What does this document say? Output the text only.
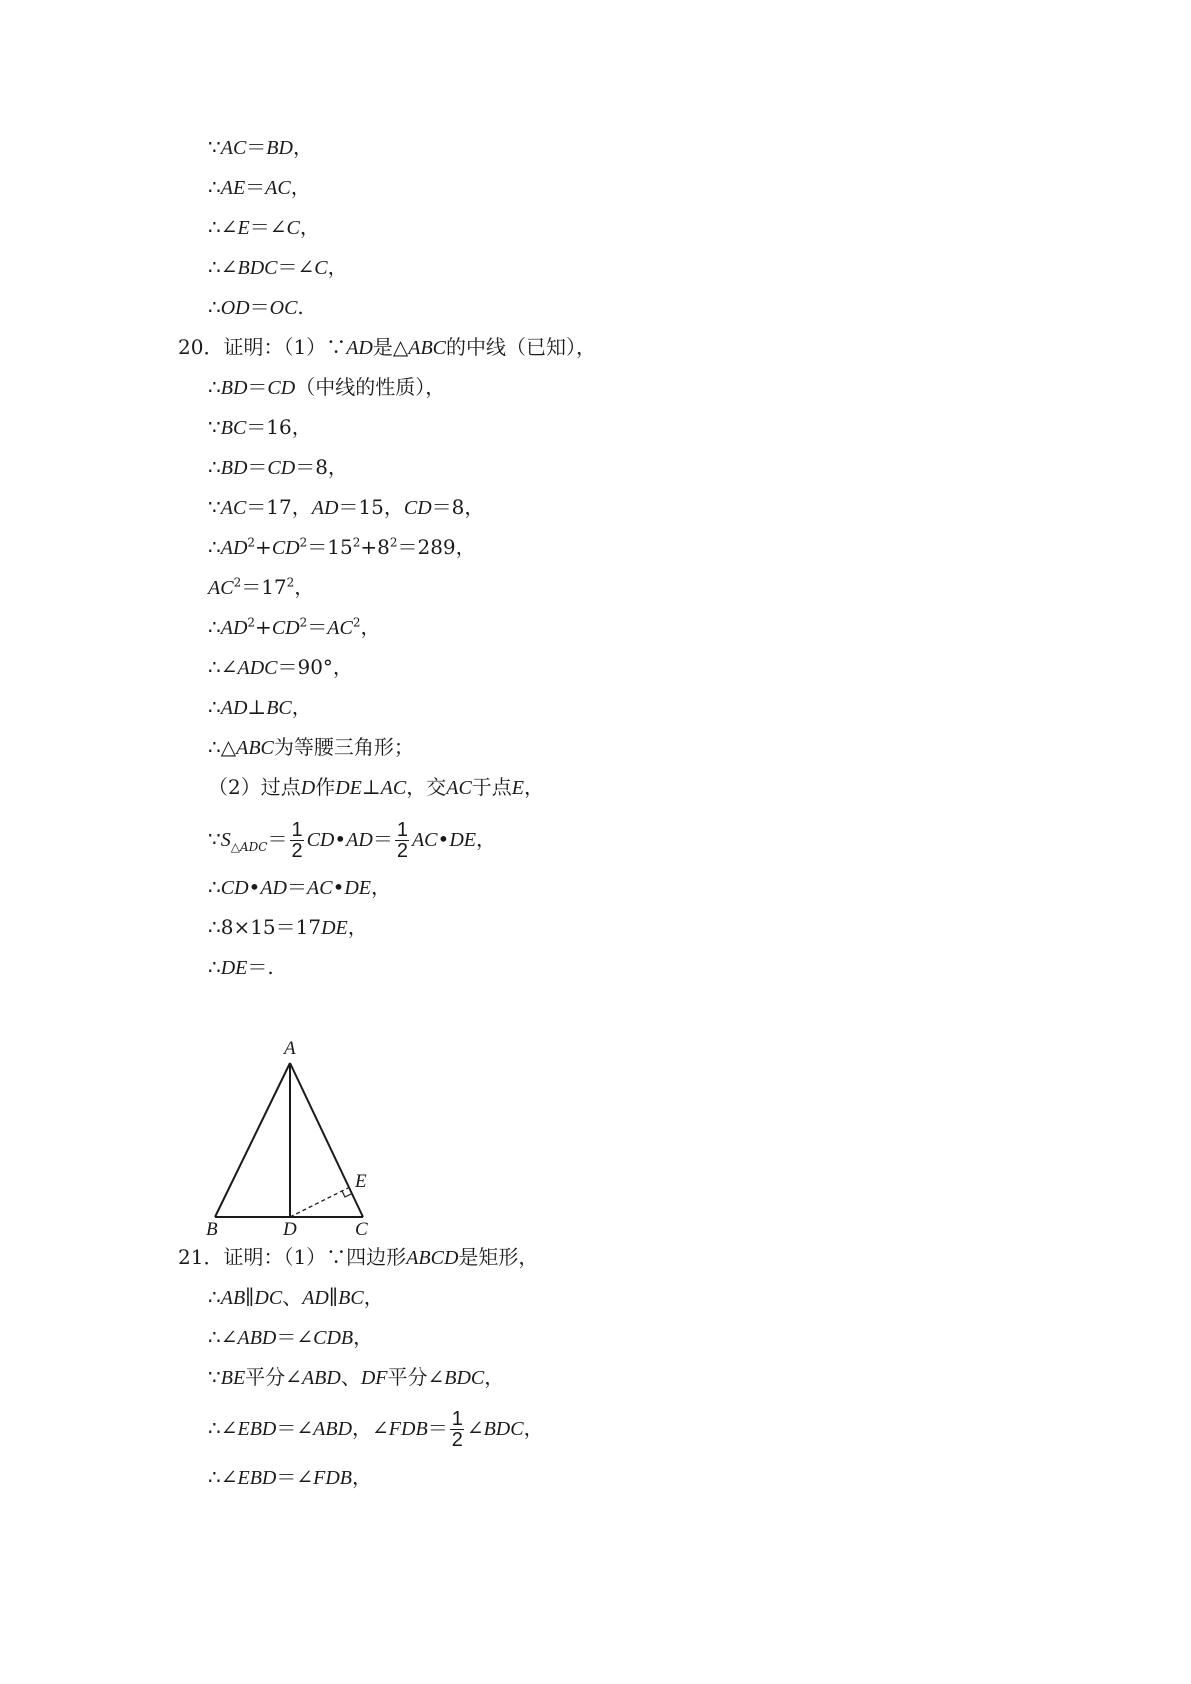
∵AC＝BD，
∴AE＝AC，
∴∠E＝∠C，
∴∠BDC＝∠C，
∴OD＝OC.
20．证明：（1）∵AD是△ABC的中线（已知），
∴BD＝CD（中线的性质），
∵BC＝16，
∴BD＝CD＝8，
∵AC＝17，AD＝15，CD＝8，
$\therefore AD^2+CD^2=15^2+8^2=289$，
$AC^2=17^2$，
$\therefore AD^2+CD^2=AC^2$，
∴∠ADC＝90°，
∴AD⊥BC，
∴△ABC为等腰三角形；
（2）过点D作DE⊥AC，交AC于点E，
$\because S_{\triangle ADC}= \frac{1}{2}$ CD•AD＝ $\frac{1}{2}$ AC•DE，
∴CD•AD＝AC•DE，
∴8×15＝17DE，
∴DE＝.
A
B	D	C
E
21．证明：（1）∵四边形ABCD是矩形，
∴AB∥DC、AD∥BC，
∴∠ABD＝∠CDB，
∵BE平分∠ABD、DF平分∠BDC，
∴∠EBD＝∠ABD，∠FDB＝ $\frac{1}{2}$ ∠BDC，
∴∠EBD＝∠FDB，
